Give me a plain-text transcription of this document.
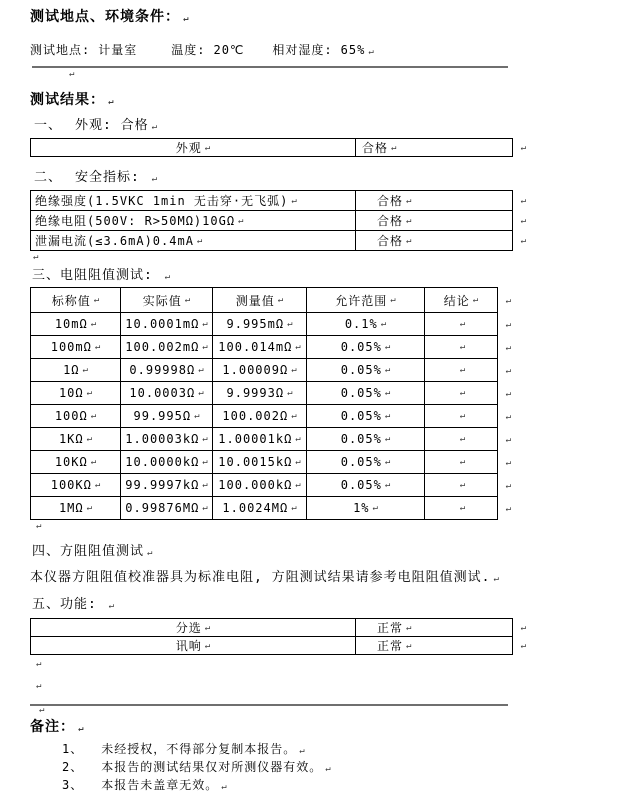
测试地点、环境条件： ↵
测试地点: 计量室	温度: 20℃ 相对湿度: 65% ↵
↵
测试结果： ↵
一、 外观: 合格 ↵
外观 ↵	合格 ↵	↵
二、 安全指标: ↵
绝缘强度(1.5VKC 1min 无击穿·无飞弧) ↵	合格 ↵	↵
绝缘电阻(500V: R>50MΩ)10GΩ ↵	合格 ↵	↵
泄漏电流(≤3.6mA)0.4mA ↵	合格 ↵	↵
↵
三、电阻阻值测试: ↵
标称值 ↵	实际值 ↵	测量值 ↵	允许范围 ↵	结论 ↵	↵
10mΩ ↵ 10.0001mΩ ↵ 9.995mΩ ↵	0.1% ↵	↵	↵
100mΩ ↵ 100.002mΩ ↵ 100.014mΩ ↵	0.05% ↵	↵	↵
1Ω ↵	0.99998Ω ↵ 1.00009Ω ↵	0.05% ↵	↵	↵
10Ω ↵	10.0003Ω ↵ 9.9993Ω ↵	0.05% ↵	↵	↵
100Ω ↵	99.995Ω ↵ 100.002Ω ↵	0.05% ↵	↵	↵
1KΩ ↵	1.00003kΩ ↵ 1.00001kΩ ↵	0.05% ↵	↵	↵
10KΩ ↵ 10.0000kΩ ↵ 10.0015kΩ ↵	0.05% ↵	↵	↵
100KΩ ↵ 99.9997kΩ ↵ 100.000kΩ ↵	0.05% ↵	↵	↵
1MΩ ↵	0.99876MΩ ↵ 1.0024MΩ ↵	1% ↵	↵	↵
↵
四、方阻阻值测试 ↵
本仪器方阻阻值校准器具为标准电阻, 方阻测试结果请参考电阻阻值测试. ↵
五、功能: ↵
分选 ↵	正常 ↵	↵
讯响 ↵	正常 ↵	↵
↵
↵
↵
备注： ↵
1、 未经授权，不得部分复制本报告。 ↵
2、 本报告的测试结果仅对所测仪器有效。 ↵
3、 本报告未盖章无效。 ↵
